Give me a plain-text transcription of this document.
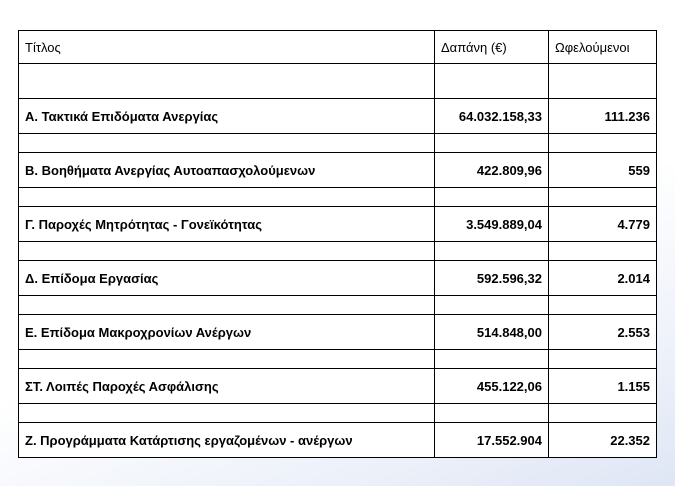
Τίτλος	Δαπάνη (€)	Ωφελούμενοι

Α. Τακτικά Επιδόματα Ανεργίας	64.032.158,33	111.236

Β. Βοηθήματα Ανεργίας Αυτοαπασχολούμενων	422.809,96	559

Γ. Παροχές Μητρότητας - Γονεϊκότητας	3.549.889,04	4.779

Δ. Επίδομα Εργασίας	592.596,32	2.014

Ε. Επίδομα Μακροχρονίων Ανέργων	514.848,00	2.553

ΣΤ. Λοιπές Παροχές Ασφάλισης	455.122,06	1.155

Ζ. Προγράμματα Κατάρτισης εργαζομένων - ανέργων	17.552.904	22.352
